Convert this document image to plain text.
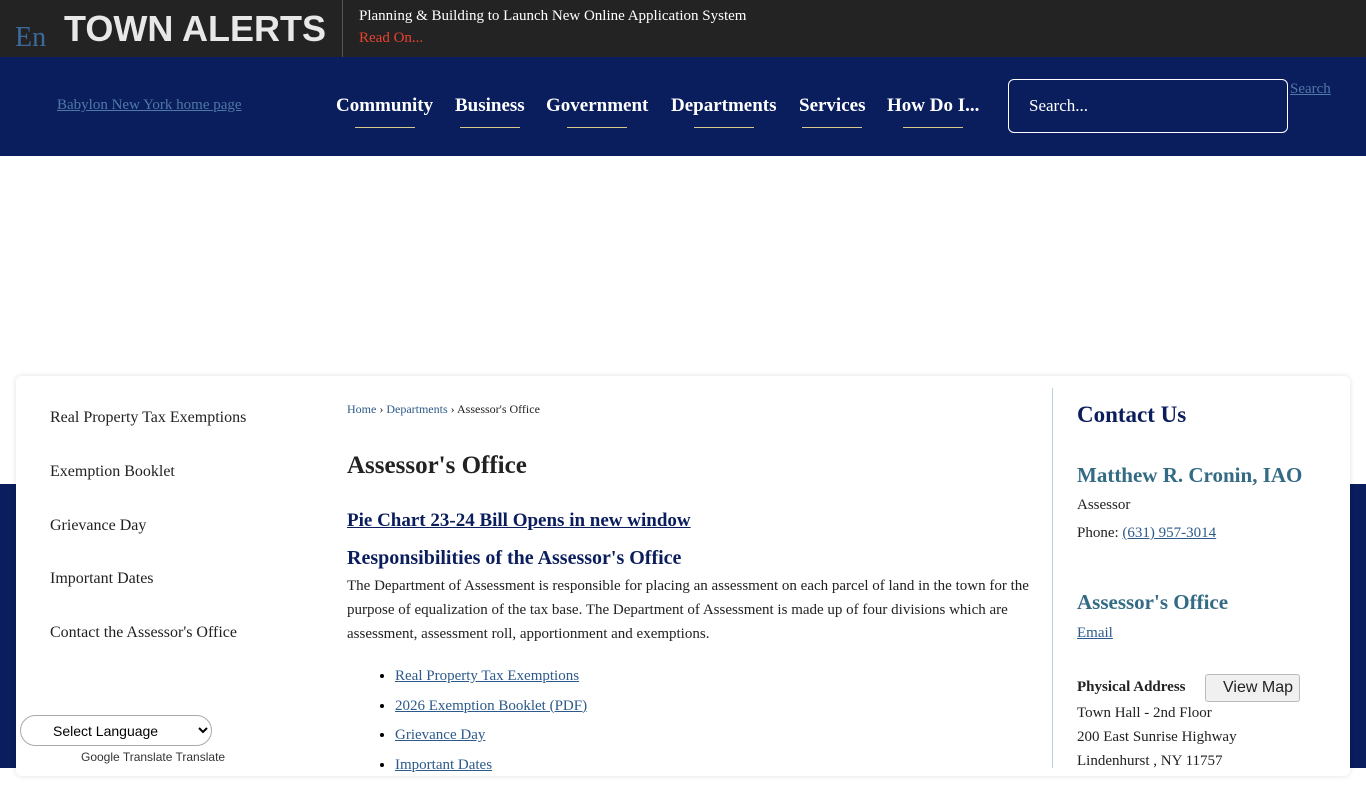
En TOWN ALERTS Planning & Building to Launch New Online Application System
Read On...
Babylon New York home page	Community Business Government Departments Services How Do I...
Search...
Search
Real Property Tax Exemptions
Exemption Booklet
Grievance Day
Important Dates
Contact the Assessor's Office
Select Language
Google Translate Translate
Home › Departments › Assessor's Office
Assessor's Office
Pie Chart 23-24 Bill Opens in new window
Responsibilities of the Assessor's Office
The Department of Assessment is responsible for placing an assessment on each parcel of land in the town for the purpose of equalization of the tax base. The Department of Assessment is made up of four divisions which are assessment, assessment roll, apportionment and exemptions.
• Real Property Tax Exemptions
• 2026 Exemption Booklet (PDF)
• Grievance Day
• Important Dates
Contact Us
Matthew R. Cronin, IAO
Assessor
Phone: (631) 957-3014
Assessor's Office
Email
Physical Address	View Map
Town Hall - 2nd Floor
200 East Sunrise Highway
Lindenhurst , NY 11757
